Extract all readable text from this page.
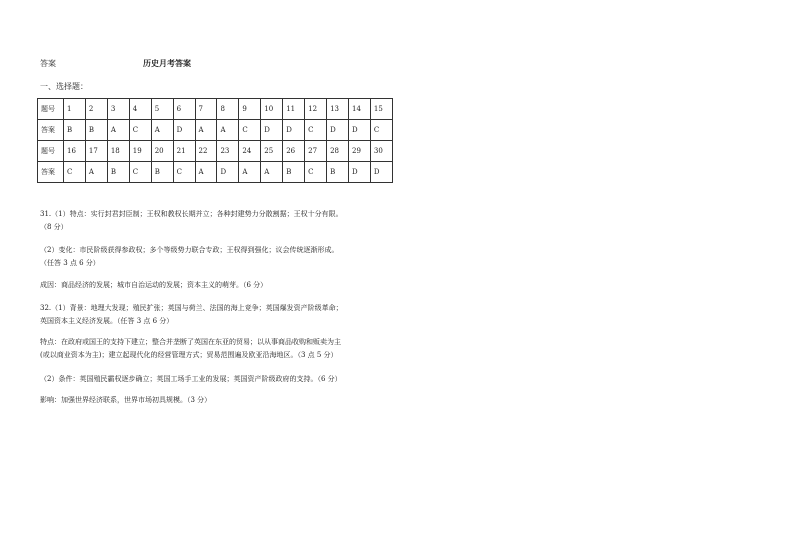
答案	历史月考答案
一、选择题：
题号	1	2	3	4	5	6	7	8	9	10	11	12	13	14	15
答案	B	B	A	C	A	D	A	A	C	D	D	C	D	D	C
题号	16	17	18	19	20	21	22	23	24	25	26	27	28	29	30
答案	C	A	B	C	B	C	A	D	A	A	B	C	B	D	D
31.（1）特点：实行封君封臣制；王权和教权长期并立；各种封建势力分散割据；王权十分有限。
（8 分）
（2）变化：市民阶级获得参政权；多个等级势力联合专政；王权得到强化；议会传统逐渐形成。
（任答 3 点 6 分）
成因：商品经济的发展；城市自治运动的发展；资本主义的萌芽。（6 分）
32.（1）背景：地理大发现；殖民扩张；英国与荷兰、法国的海上竞争；英国爆发资产阶级革命；
英国资本主义经济发展。（任答 3 点 6 分）
特点：在政府或国王的支持下建立；整合并垄断了英国在东亚的贸易；以从事商品收购和贩卖为主
(或以商业资本为主)；建立起现代化的经营管理方式；贸易范围遍及欧亚沿海地区。（3 点 5 分）
（2）条件：英国殖民霸权逐步确立；英国工场手工业的发展；英国资产阶级政府的支持。（6 分）
影响：加强世界经济联系，世界市场初具规模。（3 分）
